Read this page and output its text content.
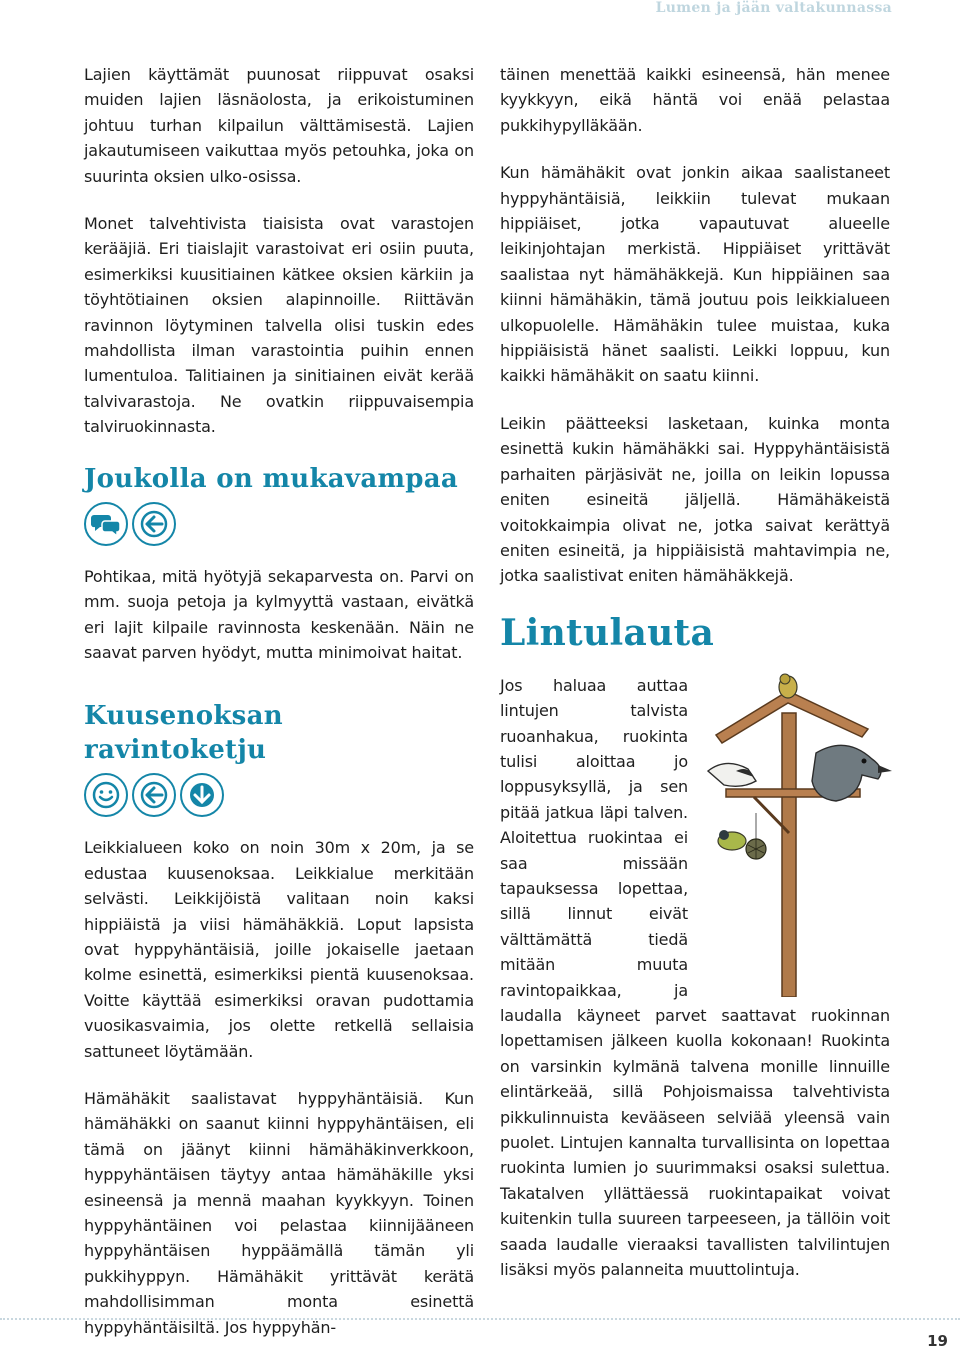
Lumen ja jään valtakunnassa

Lajien käyttämät puunosat riippuvat osaksi muiden lajien läsnäolosta, ja erikoistuminen johtuu turhan kilpailun välttämisestä. Lajien jakautumiseen vaikuttaa myös petouhka, joka on suurinta oksien ulko-osissa.

Monet talvehtivista tiaisista ovat varastojen kerääjiä. Eri tiaislajit varastoivat eri osiin puuta, esimerkiksi kuusitiainen kätkee oksien kärkiin ja töyhtötiainen oksien alapinnoille. Riittävän ravinnon löytyminen talvella olisi tuskin edes mahdollista ilman varastointia puihin ennen lumentuloa. Talitiainen ja sinitiainen eivät kerää talvivarastoja. Ne ovatkin riippuvaisempia talviruokinnasta.

Joukolla on mukavampaa

Pohtikaa, mitä hyötyjä sekaparvesta on. Parvi on mm. suoja petoja ja kylmyyttä vastaan, eivätkä eri lajit kilpaile ravinnosta keskenään. Näin ne saavat parven hyödyt, mutta minimoivat haitat.

Kuusenoksan ravintoketju

Leikkialueen koko on noin 30m x 20m, ja se edustaa kuusenoksaa. Leikkialue merkitään selvästi. Leikkijöistä valitaan noin kaksi hippiäistä ja viisi hämähäkkiä. Loput lapsista ovat hyppyhäntäisiä, joille jokaiselle jaetaan kolme esinettä, esimerkiksi pientä kuusenoksaa. Voitte käyttää esimerkiksi oravan pudottamia vuosikasvaimia, jos olette retkellä sellaisia sattuneet löytämään.

Hämähäkit saalistavat hyppyhäntäisiä. Kun hämähäkki on saanut kiinni hyppyhäntäisen, eli tämä on jäänyt kiinni hämähäkinverkkoon, hyppyhäntäisen täytyy antaa hämähäkille yksi esineensä ja mennä maahan kyykkyyn. Toinen hyppyhäntäinen voi pelastaa kiinnijääneen hyppyhäntäisen hyppäämällä tämän yli pukkihyppyn. Hämähäkit yrittävät kerätä mahdollisimman monta esinettä hyppyhäntäisiltä. Jos hyppyhän-

täinen menettää kaikki esineensä, hän menee kyykkyyn, eikä häntä voi enää pelastaa pukkihypylläkään.

Kun hämähäkit ovat jonkin aikaa saalistaneet hyppyhäntäisiä, leikkiin tulevat mukaan hippiäiset, jotka vapautuvat alueelle leikinjohtajan merkistä. Hippiäiset yrittävät saalistaa nyt hämähäkkejä. Kun hippiäinen saa kiinni hämähäkin, tämä joutuu pois leikkialueen ulkopuolelle. Hämähäkin tulee muistaa, kuka hippiäisistä hänet saalisti. Leikki loppuu, kun kaikki hämähäkit on saatu kiinni.

Leikin päätteeksi lasketaan, kuinka monta esinettä kukin hämähäkki sai. Hyppyhäntäisistä parhaiten pärjäsivät ne, joilla on leikin lopussa eniten esineitä jäljellä. Hämähäkeistä voitokkaimpia olivat ne, jotka saivat kerättyä eniten esineitä, ja hippiäisistä mahtavimpia ne, jotka saalistivat eniten hämähäkkejä.

Lintulauta

Jos haluaa auttaa lintujen talvista ruoanhakua, ruokinta tulisi aloittaa jo loppusyksyllä, ja sen pitää jatkua läpi talven. Aloitettua ruokintaa ei saa missään tapauksessa lopettaa, sillä linnut eivät välttämättä tiedä mitään muuta ravintopaikkaa, ja laudalla käyneet parvet saattavat ruokinnan lopettamisen jälkeen kuolla kokonaan! Ruokinta on varsinkin kylmänä talvena monille linnuille elintärkeää, sillä Pohjoismaissa talvehtivista pikkulinnuista kevääseen selviää yleensä vain puolet. Lintujen kannalta turvallisinta on lopettaa ruokinta lumien jo suurimmaksi osaksi sulettua. Takatalven yllättäessä ruokintapaikat voivat kuitenkin tulla suureen tarpeeseen, ja tällöin voit saada laudalle vieraaksi tavallisten talvilintujen lisäksi myös palanneita muuttolintuja.

19
